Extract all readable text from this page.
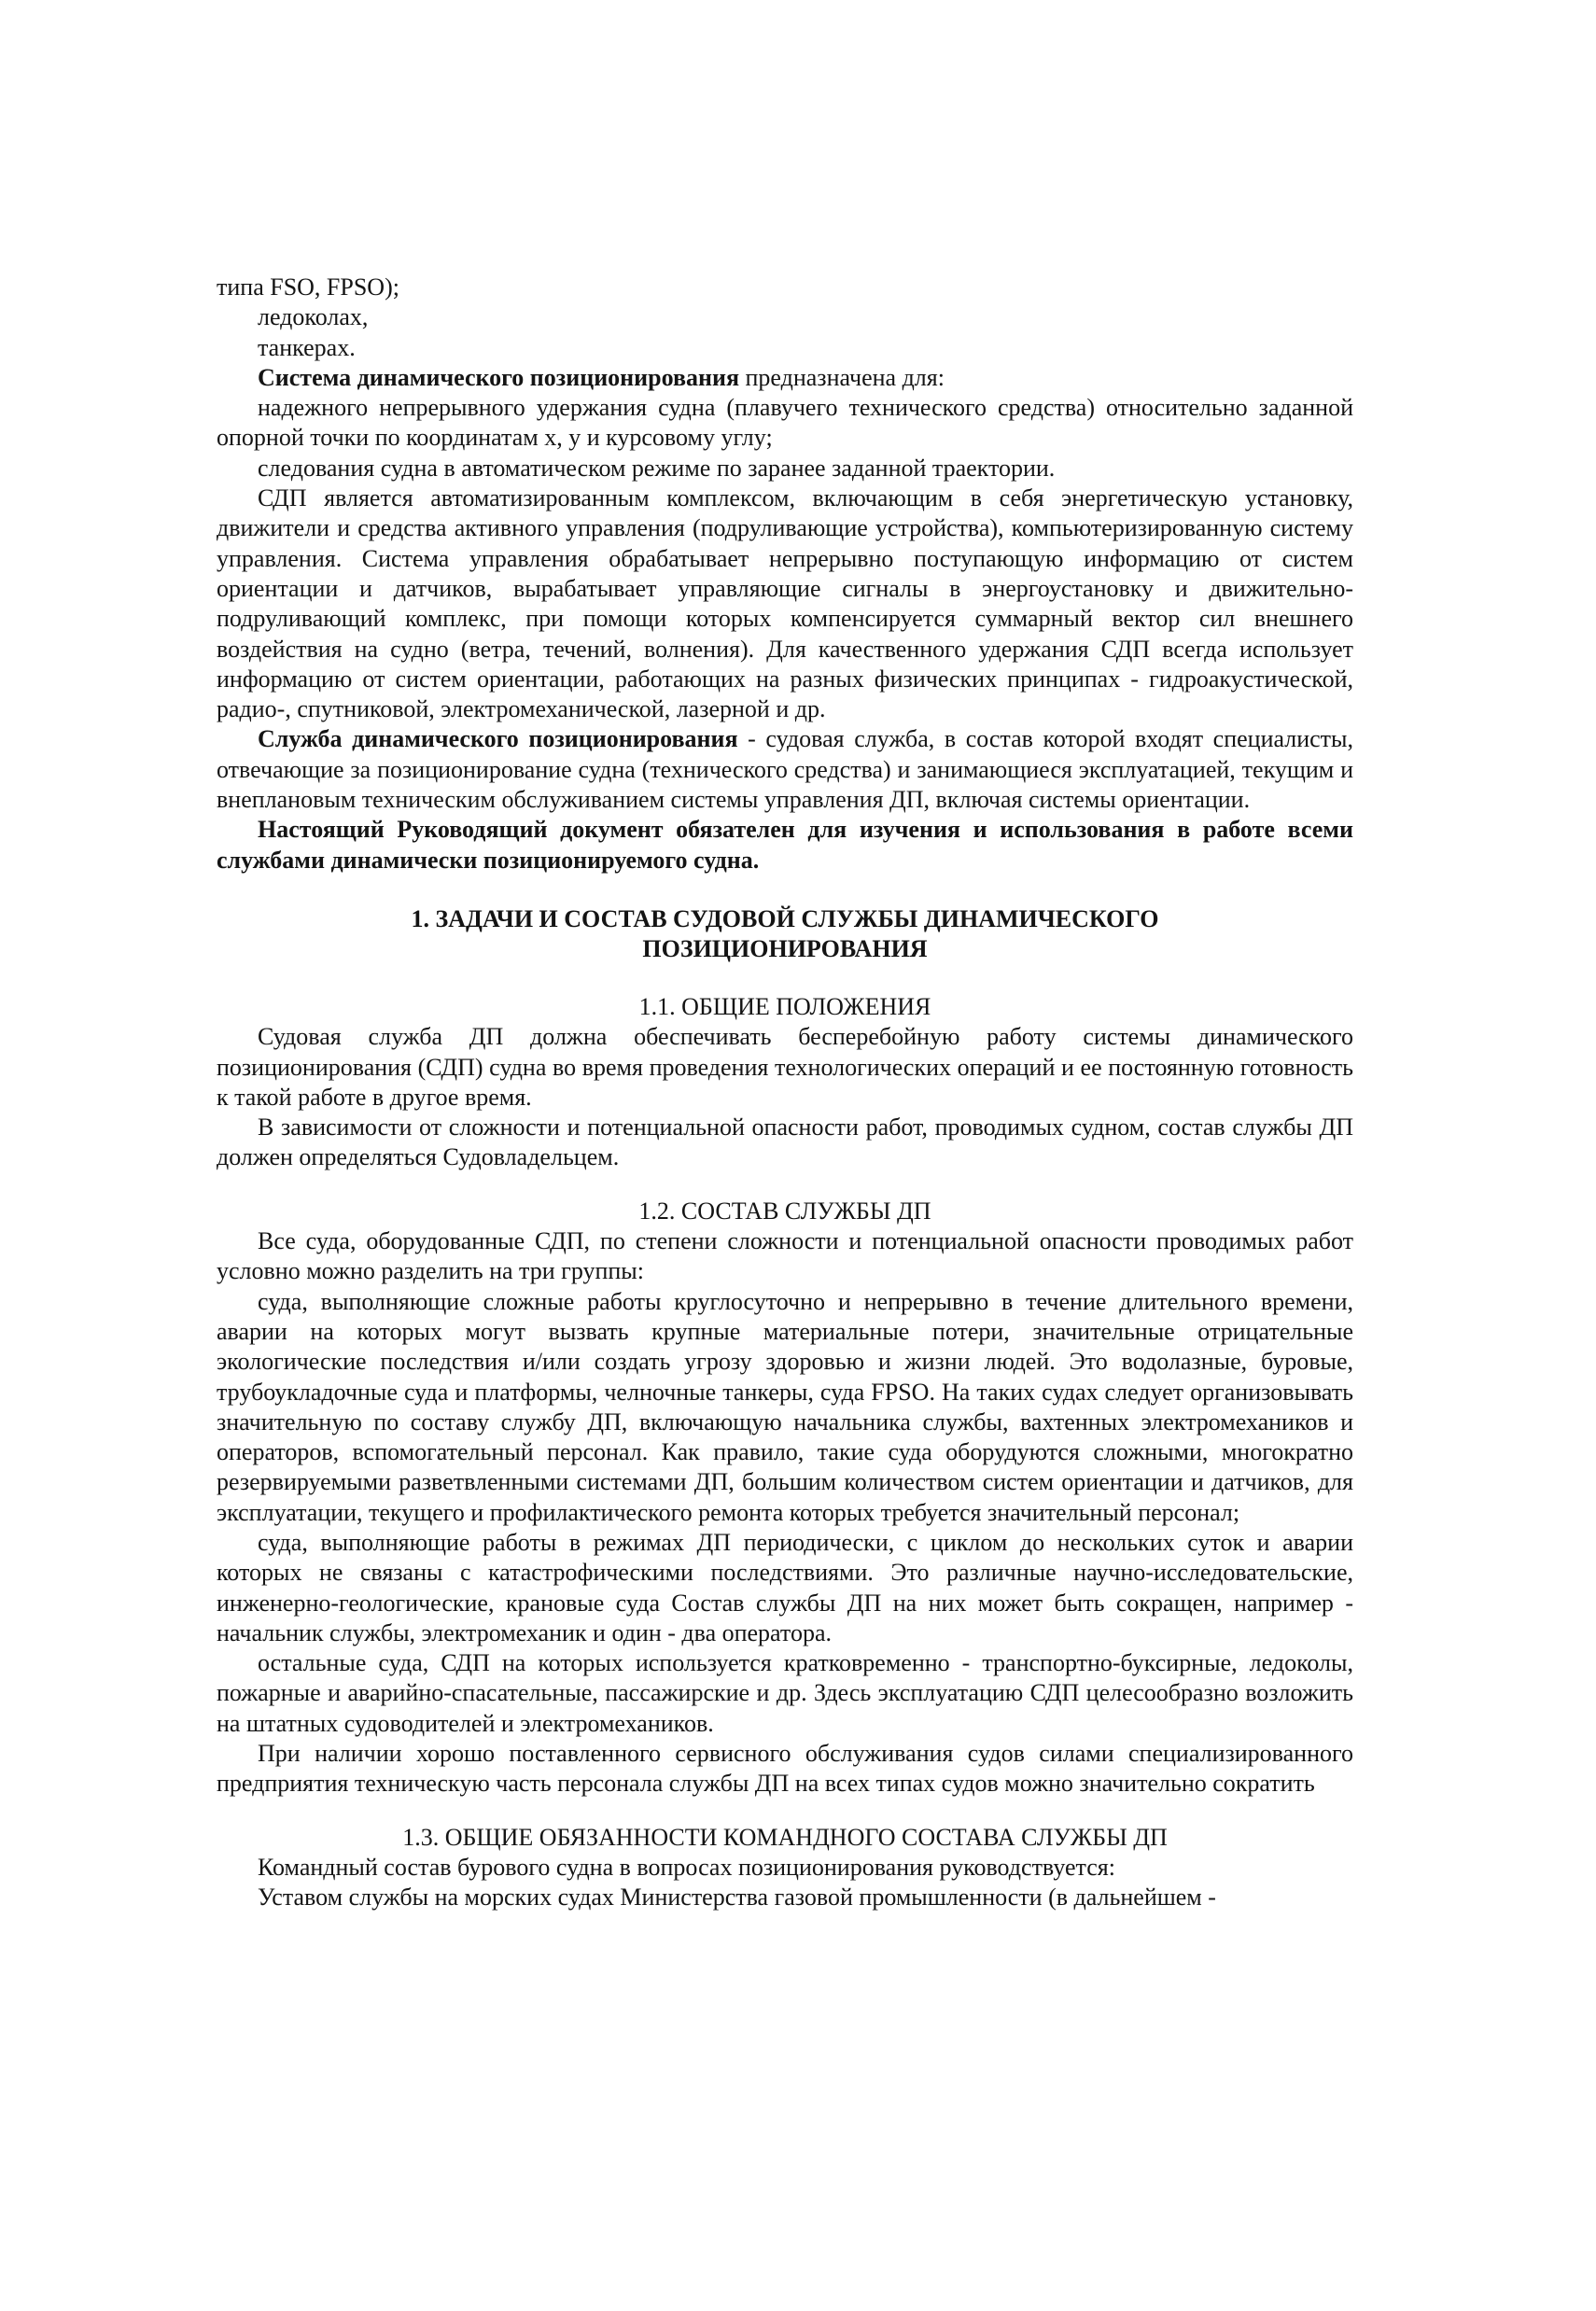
типа FSO, FPSO);

ледоколах,

танкерах.

Система динамического позиционирования предназначена для:

надежного непрерывного удержания судна (плавучего технического средства) относительно заданной опорной точки по координатам x, y и курсовому углу;

следования судна в автоматическом режиме по заранее заданной траектории.

СДП является автоматизированным комплексом, включающим в себя энергетическую установку, движители и средства активного управления (подруливающие устройства), компьютеризированную систему управления. Система управления обрабатывает непрерывно поступающую информацию от систем ориентации и датчиков, вырабатывает управляющие сигналы в энергоустановку и движительно-подруливающий комплекс, при помощи которых компенсируется суммарный вектор сил внешнего воздействия на судно (ветра, течений, волнения). Для качественного удержания СДП всегда использует информацию от систем ориентации, работающих на разных физических принципах - гидроакустической, радио-, спутниковой, электромеханической, лазерной и др.

Служба динамического позиционирования - судовая служба, в состав которой входят специалисты, отвечающие за позиционирование судна (технического средства) и занимающиеся эксплуатацией, текущим и внеплановым техническим обслуживанием системы управления ДП, включая системы ориентации.

Настоящий Руководящий документ обязателен для изучения и использования в работе всеми службами динамически позиционируемого судна.

1. ЗАДАЧИ И СОСТАВ СУДОВОЙ СЛУЖБЫ ДИНАМИЧЕСКОГО
ПОЗИЦИОНИРОВАНИЯ

1.1. ОБЩИЕ ПОЛОЖЕНИЯ

Судовая служба ДП должна обеспечивать бесперебойную работу системы динамического позиционирования (СДП) судна во время проведения технологических операций и ее постоянную готовность к такой работе в другое время.

В зависимости от сложности и потенциальной опасности работ, проводимых судном, состав службы ДП должен определяться Судовладельцем.

1.2. СОСТАВ СЛУЖБЫ ДП

Все суда, оборудованные СДП, по степени сложности и потенциальной опасности проводимых работ условно можно разделить на три группы:

суда, выполняющие сложные работы круглосуточно и непрерывно в течение длительного времени, аварии на которых могут вызвать крупные материальные потери, значительные отрицательные экологические последствия и/или создать угрозу здоровью и жизни людей. Это водолазные, буровые, трубоукладочные суда и платформы, челночные танкеры, суда FPSO. На таких судах следует организовывать значительную по составу службу ДП, включающую начальника службы, вахтенных электромехаников и операторов, вспомогательный персонал. Как правило, такие суда оборудуются сложными, многократно резервируемыми разветвленными системами ДП, большим количеством систем ориентации и датчиков, для эксплуатации, текущего и профилактического ремонта которых требуется значительный персонал;

суда, выполняющие работы в режимах ДП периодически, с циклом до нескольких суток и аварии которых не связаны с катастрофическими последствиями. Это различные научно-исследовательские, инженерно-геологические, крановые суда Состав службы ДП на них может быть сокращен, например - начальник службы, электромеханик и один - два оператора.

остальные суда, СДП на которых используется кратковременно - транспортно-буксирные, ледоколы, пожарные и аварийно-спасательные, пассажирские и др. Здесь эксплуатацию СДП целесообразно возложить на штатных судоводителей и электромехаников.

При наличии хорошо поставленного сервисного обслуживания судов силами специализированного предприятия техническую часть персонала службы ДП на всех типах судов можно значительно сократить

1.3. ОБЩИЕ ОБЯЗАННОСТИ КОМАНДНОГО СОСТАВА СЛУЖБЫ ДП

Командный состав бурового судна в вопросах позиционирования руководствуется:

Уставом службы на морских судах Министерства газовой промышленности (в дальнейшем -
